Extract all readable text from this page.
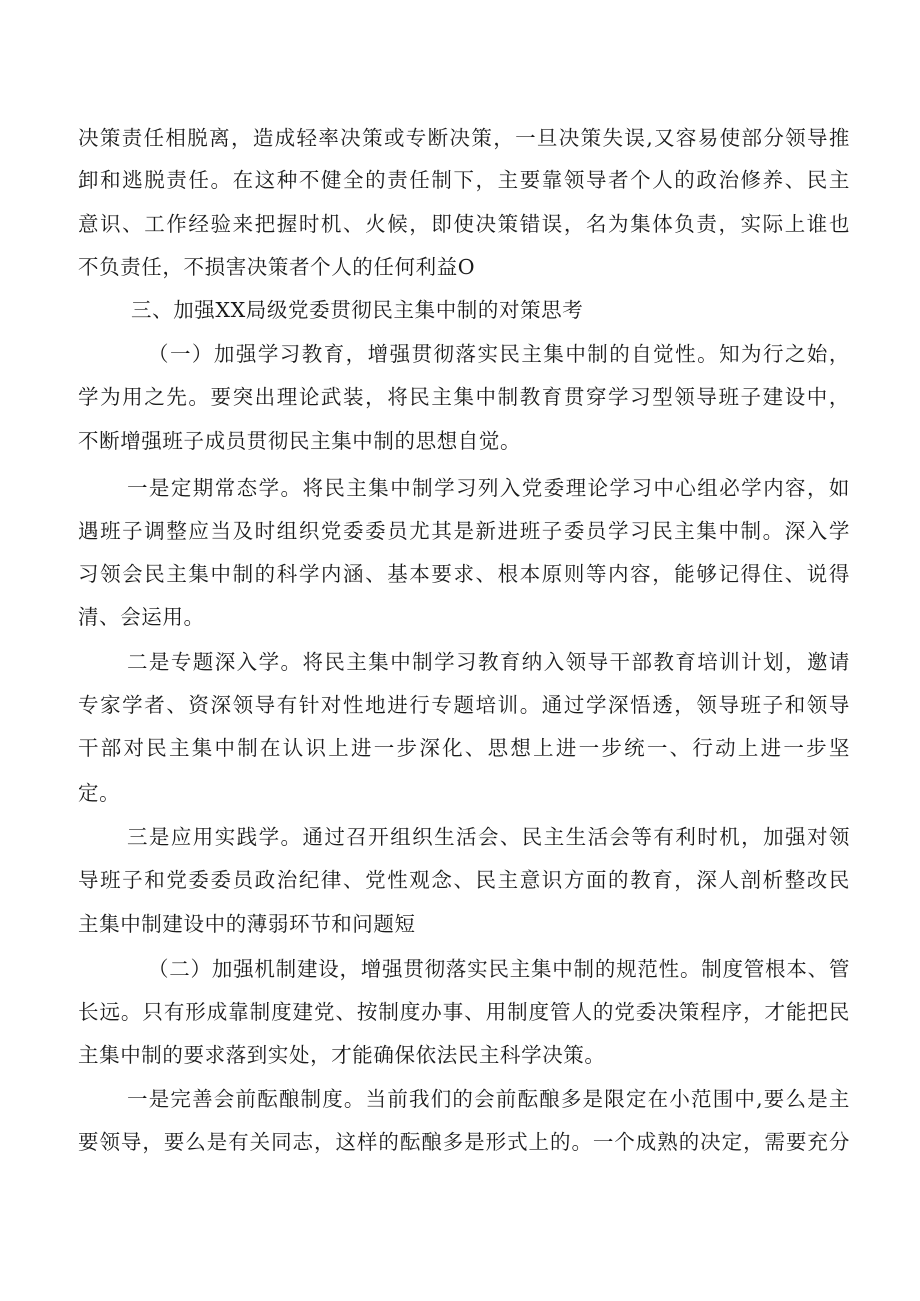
决策责任相脱离，造成轻率决策或专断决策，一旦决策失误,又容易使部分领导推

卸和逃脱责任。在这种不健全的责任制下，主要靠领导者个人的政治修养、民主

意识、工作经验来把握时机、火候，即使决策错误，名为集体负责，实际上谁也

不负责任，不损害决策者个人的任何利益O

三、加强XX局级党委贯彻民主集中制的对策思考

（一）加强学习教育，增强贯彻落实民主集中制的自觉性。知为行之始，

学为用之先。要突出理论武装，将民主集中制教育贯穿学习型领导班子建设中，

不断增强班子成员贯彻民主集中制的思想自觉。

一是定期常态学。将民主集中制学习列入党委理论学习中心组必学内容，如

遇班子调整应当及时组织党委委员尤其是新进班子委员学习民主集中制。深入学

习领会民主集中制的科学内涵、基本要求、根本原则等内容，能够记得住、说得

清、会运用。

二是专题深入学。将民主集中制学习教育纳入领导干部教育培训计划，邀请

专家学者、资深领导有针对性地进行专题培训。通过学深悟透，领导班子和领导

干部对民主集中制在认识上进一步深化、思想上进一步统一、行动上进一步坚

定。

三是应用实践学。通过召开组织生活会、民主生活会等有利时机，加强对领

导班子和党委委员政治纪律、党性观念、民主意识方面的教育，深人剖析整改民

主集中制建设中的薄弱环节和问题短

（二）加强机制建设，增强贯彻落实民主集中制的规范性。制度管根本、管

长远。只有形成靠制度建党、按制度办事、用制度管人的党委决策程序，才能把民

主集中制的要求落到实处，才能确保依法民主科学决策。

一是完善会前酝酿制度。当前我们的会前酝酿多是限定在小范围中,要么是主

要领导，要么是有关同志，这样的酝酿多是形式上的。一个成熟的决定，需要充分
